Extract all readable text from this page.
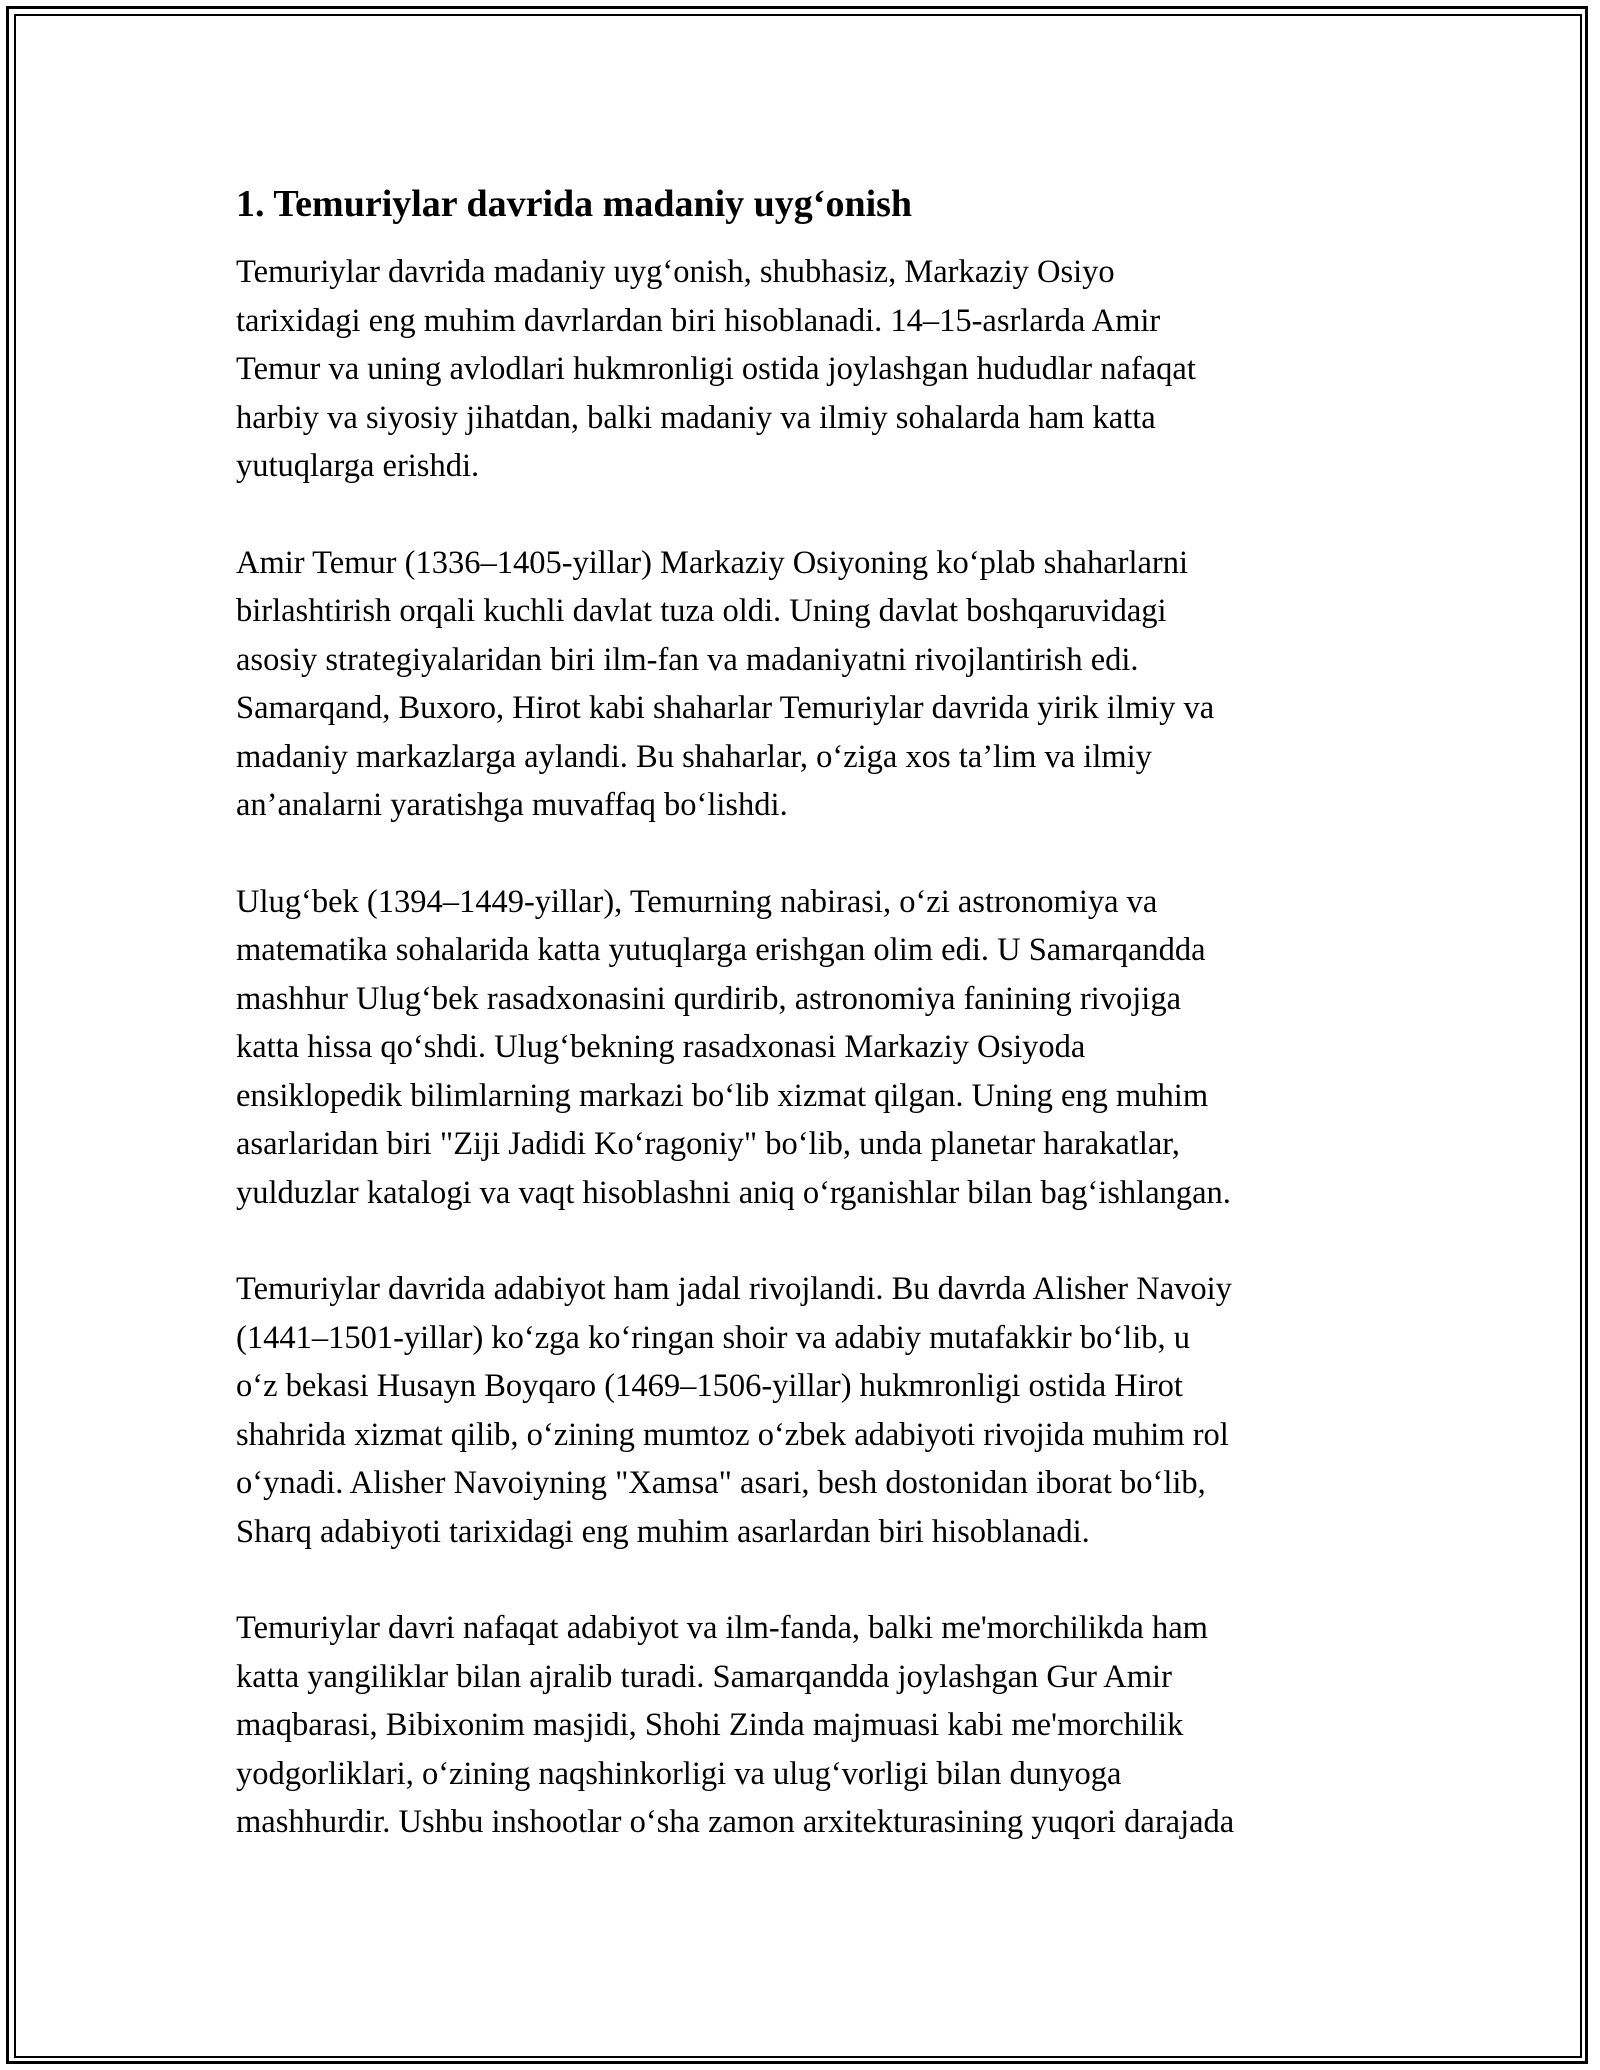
1. Temuriylar davrida madaniy uyg‘onish

Temuriylar davrida madaniy uyg‘onish, shubhasiz, Markaziy Osiyo
tarixidagi eng muhim davrlardan biri hisoblanadi. 14–15-asrlarda Amir
Temur va uning avlodlari hukmronligi ostida joylashgan hududlar nafaqat
harbiy va siyosiy jihatdan, balki madaniy va ilmiy sohalarda ham katta
yutuqlarga erishdi.

Amir Temur (1336–1405-yillar) Markaziy Osiyoning ko‘plab shaharlarni
birlashtirish orqali kuchli davlat tuza oldi. Uning davlat boshqaruvidagi
asosiy strategiyalaridan biri ilm-fan va madaniyatni rivojlantirish edi.
Samarqand, Buxoro, Hirot kabi shaharlar Temuriylar davrida yirik ilmiy va
madaniy markazlarga aylandi. Bu shaharlar, o‘ziga xos ta’lim va ilmiy
an’analarni yaratishga muvaffaq bo‘lishdi.

Ulug‘bek (1394–1449-yillar), Temurning nabirasi, o‘zi astronomiya va
matematika sohalarida katta yutuqlarga erishgan olim edi. U Samarqandda
mashhur Ulug‘bek rasadxonasini qurdirib, astronomiya fanining rivojiga
katta hissa qo‘shdi. Ulug‘bekning rasadxonasi Markaziy Osiyoda
ensiklopedik bilimlarning markazi bo‘lib xizmat qilgan. Uning eng muhim
asarlaridan biri "Ziji Jadidi Ko‘ragoniy" bo‘lib, unda planetar harakatlar,
yulduzlar katalogi va vaqt hisoblashni aniq o‘rganishlar bilan bag‘ishlangan.

Temuriylar davrida adabiyot ham jadal rivojlandi. Bu davrda Alisher Navoiy
(1441–1501-yillar) ko‘zga ko‘ringan shoir va adabiy mutafakkir bo‘lib, u
o‘z bekasi Husayn Boyqaro (1469–1506-yillar) hukmronligi ostida Hirot
shahrida xizmat qilib, o‘zining mumtoz o‘zbek adabiyoti rivojida muhim rol
o‘ynadi. Alisher Navoiyning "Xamsa" asari, besh dostonidan iborat bo‘lib,
Sharq adabiyoti tarixidagi eng muhim asarlardan biri hisoblanadi.

Temuriylar davri nafaqat adabiyot va ilm-fanda, balki me'morchilikda ham
katta yangiliklar bilan ajralib turadi. Samarqandda joylashgan Gur Amir
maqbarasi, Bibixonim masjidi, Shohi Zinda majmuasi kabi me'morchilik
yodgorliklari, o‘zining naqshinkorligi va ulug‘vorligi bilan dunyoga
mashhurdir. Ushbu inshootlar o‘sha zamon arxitekturasining yuqori darajada
